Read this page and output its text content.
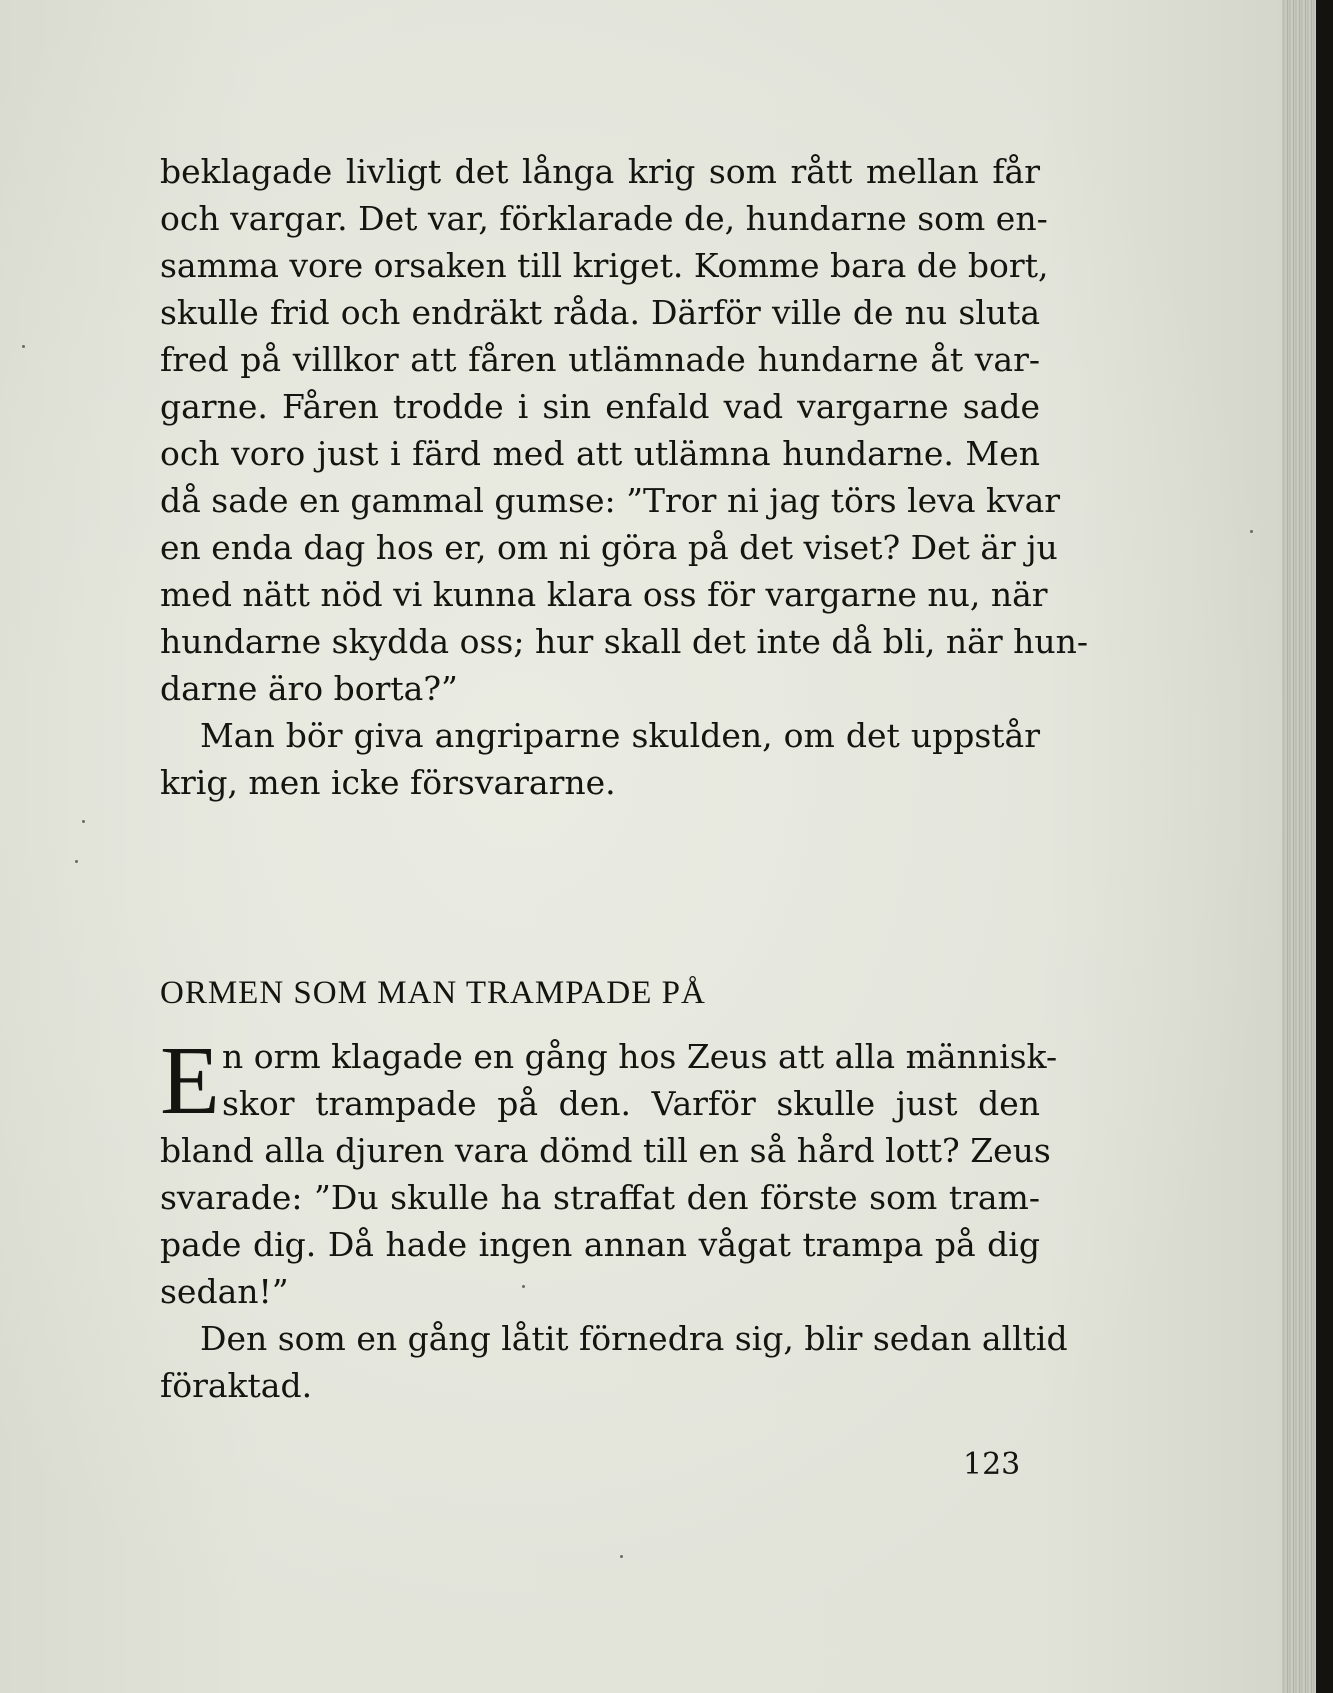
beklagade livligt det långa krig som rått mellan får
och vargar. Det var, förklarade de, hundarne som en-
samma vore orsaken till kriget. Komme bara de bort,
skulle frid och endräkt råda. Därför ville de nu sluta
fred på villkor att fåren utlämnade hundarne åt var-
garne. Fåren trodde i sin enfald vad vargarne sade
och voro just i färd med att utlämna hundarne. Men
då sade en gammal gumse: ”Tror ni jag törs leva kvar
en enda dag hos er, om ni göra på det viset? Det är ju
med nätt nöd vi kunna klara oss för vargarne nu, när
hundarne skydda oss; hur skall det inte då bli, när hun-
darne äro borta?”
Man bör giva angriparne skulden, om det uppstår
krig, men icke försvararne.
ORMEN SOM MAN TRAMPADE PÅ
E n orm klagade en gång hos Zeus att alla människ-
skor trampade på den. Varför skulle just den
bland alla djuren vara dömd till en så hård lott? Zeus
svarade: ”Du skulle ha straffat den förste som tram-
pade dig. Då hade ingen annan vågat trampa på dig
sedan!”
Den som en gång låtit förnedra sig, blir sedan alltid
föraktad.
123
